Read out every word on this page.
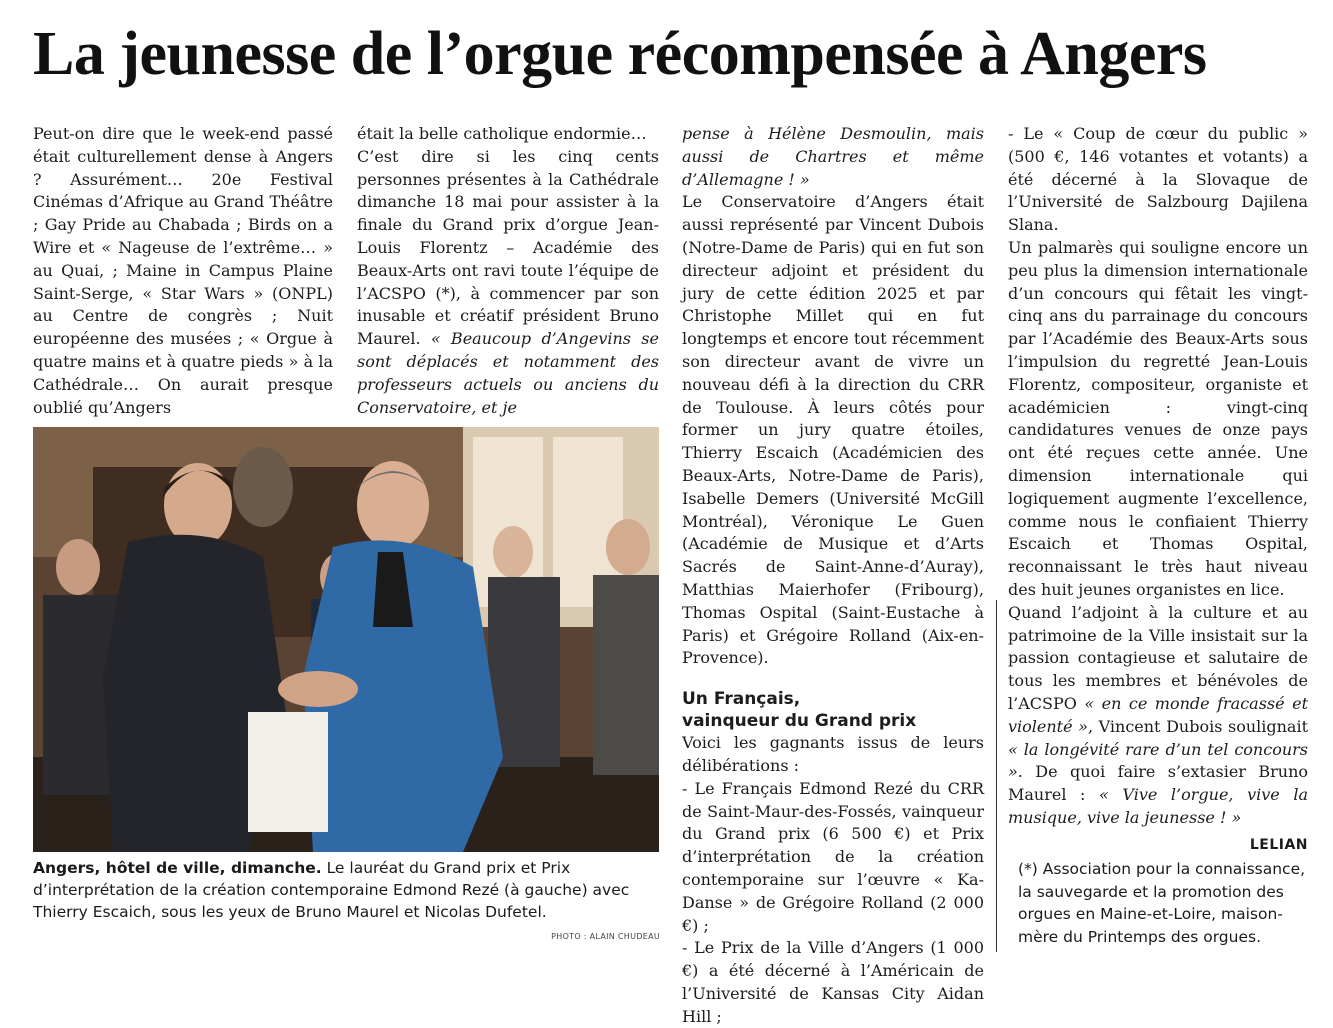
La jeunesse de l’orgue récompensée à Angers

Peut-on dire que le week-end passé était culturellement dense à Angers ? Assurément… 20e Festival Cinémas d’Afrique au Grand Théâtre ; Gay Pride au Chabada ; Birds on a Wire et « Nageuse de l’extrême… » au Quai, ; Maine in Campus Plaine Saint-Serge, « Star Wars » (ONPL) au Centre de congrès ; Nuit européenne des musées ; « Orgue à quatre mains et à quatre pieds » à la Cathédrale… On aurait presque oublié qu’Angers

était la belle catholique endormie…

C’est dire si les cinq cents personnes présentes à la Cathédrale dimanche 18 mai pour assister à la finale du Grand prix d’orgue Jean-Louis Florentz – Académie des Beaux-Arts ont ravi toute l’équipe de l’ACSPO (*), à commencer par son inusable et créatif président Bruno Maurel. « Beaucoup d’Angevins se sont déplacés et notamment des professeurs actuels ou anciens du Conservatoire, et je

pense à Hélène Desmoulin, mais aussi de Chartres et même d’Allemagne ! »

Le Conservatoire d’Angers était aussi représenté par Vincent Dubois (Notre-Dame de Paris) qui en fut son directeur adjoint et président du jury de cette édition 2025 et par Christophe Millet qui en fut longtemps et encore tout récemment son directeur avant de vivre un nouveau défi à la direction du CRR de Toulouse. À leurs côtés pour former un jury quatre étoiles, Thierry Escaich (Académicien des Beaux-Arts, Notre-Dame de Paris), Isabelle Demers (Université McGill Montréal), Véronique Le Guen (Académie de Musique et d’Arts Sacrés de Saint-Anne-d’Auray), Matthias Maierhofer (Fribourg), Thomas Ospital (Saint-Eustache à Paris) et Grégoire Rolland (Aix-en-Provence).

Un Français,
vainqueur du Grand prix

Voici les gagnants issus de leurs délibérations :

- Le Français Edmond Rezé du CRR de Saint-Maur-des-Fossés, vainqueur du Grand prix (6 500 €) et Prix d’interprétation de la création contemporaine sur l’œuvre « Ka-Danse » de Grégoire Rolland (2 000 €) ;

- Le Prix de la Ville d’Angers (1 000 €) a été décerné à l’Américain de l’Université de Kansas City Aidan Hill ;

- Le « Coup de cœur du public » (500 €, 146 votantes et votants) a été décerné à la Slovaque de l’Université de Salzbourg Dajilena Slana.

Un palmarès qui souligne encore un peu plus la dimension internationale d’un concours qui fêtait les vingt-cinq ans du parrainage du concours par l’Académie des Beaux-Arts sous l’impulsion du regretté Jean-Louis Florentz, compositeur, organiste et académicien : vingt-cinq candidatures venues de onze pays ont été reçues cette année. Une dimension internationale qui logiquement augmente l’excellence, comme nous le confiaient Thierry Escaich et Thomas Ospital, reconnaissant le très haut niveau des huit jeunes organistes en lice.

Quand l’adjoint à la culture et au patrimoine de la Ville insistait sur la passion contagieuse et salutaire de tous les membres et bénévoles de l’ACSPO « en ce monde fracassé et violenté », Vincent Dubois soulignait « la longévité rare d’un tel concours ». De quoi faire s’extasier Bruno Maurel : « Vive l’orgue, vive la musique, vive la jeunesse ! »

LELIAN

(*) Association pour la connaissance, la sauvegarde et la promotion des orgues en Maine-et-Loire, maison-mère du Printemps des orgues.
Angers, hôtel de ville, dimanche. Le lauréat du Grand prix et Prix d’interprétation de la création contemporaine Edmond Rezé (à gauche) avec Thierry Escaich, sous les yeux de Bruno Maurel et Nicolas Dufetel.
PHOTO : ALAIN CHUDEAU
